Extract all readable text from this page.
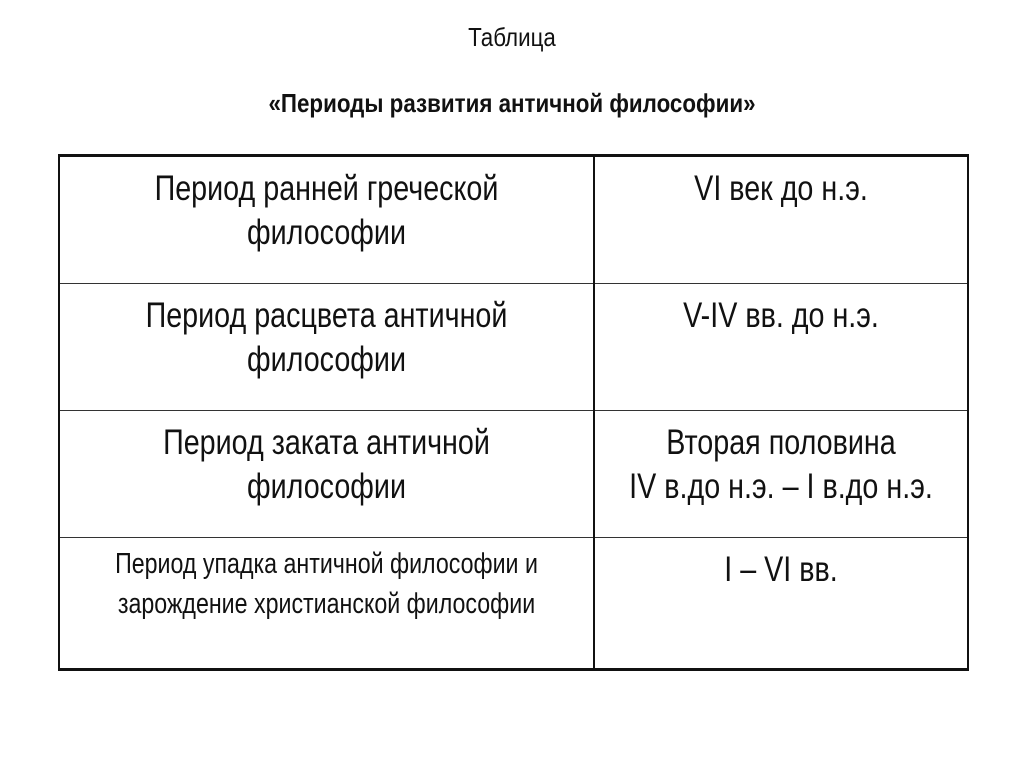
Таблица
«Периоды развития античной философии»
Период ранней греческой
философии	VI век до н.э.

Период расцвета античной
философии	V-IV вв. до н.э.

Период заката античной
философии	Вторая половина
IV в.до н.э. – I в.до н.э.

Период упадка античной философии и
зарождение христианской философии	I – VI вв.
